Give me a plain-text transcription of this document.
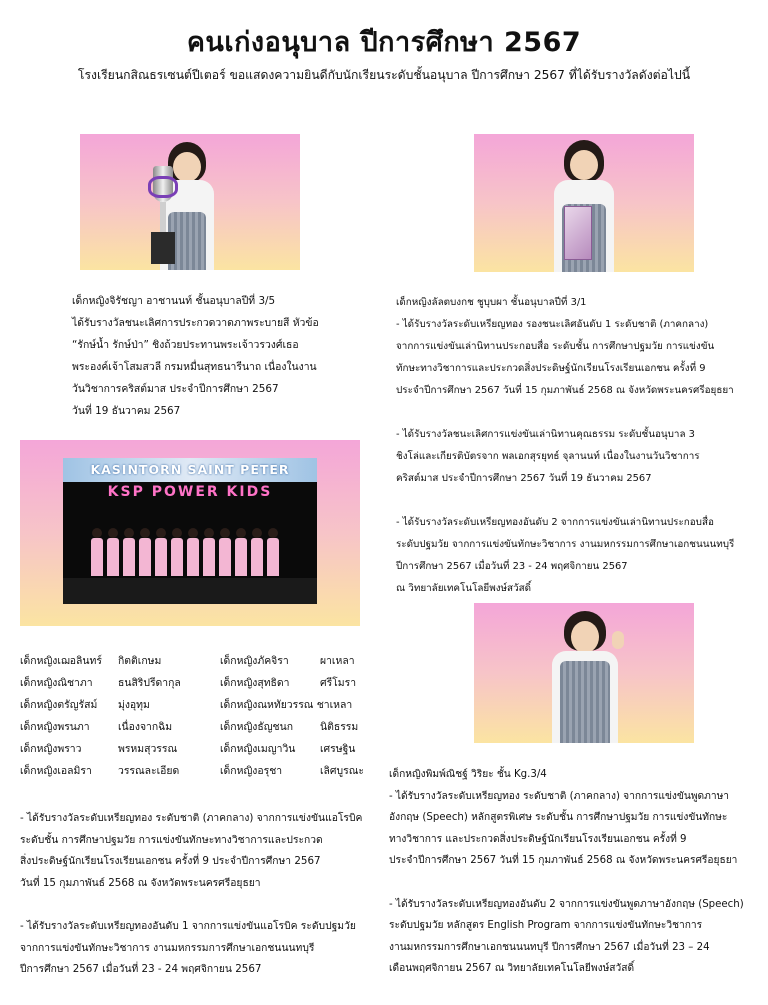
คนเก่งอนุบาล ปีการศึกษา 2567
โรงเรียนกสิณธรเซนต์ปีเตอร์ ขอแสดงความยินดีกับนักเรียนระดับชั้นอนุบาล ปีการศึกษา 2567 ที่ได้รับรางวัลดังต่อไปนี้
เด็กหญิงจิรัชญา อาชานนท์ ชั้นอนุบาลปีที่ 3/5
ได้รับรางวัลชนะเลิศการประกวดวาดภาพระบายสี หัวข้อ
“รักษ์น้ำ รักษ์ป่า” ชิงถ้วยประทานพระเจ้าวรวงศ์เธอ
พระองค์เจ้าโสมสวลี กรมหมื่นสุทธนารีนาถ เนื่องในงาน
วันวิชาการคริสต์มาส ประจำปีการศึกษา 2567
วันที่ 19 ธันวาคม 2567
เด็กหญิงลัลตบงกช ชูบุบผา ชั้นอนุบาลปีที่ 3/1
- ได้รับรางวัลระดับเหรียญทอง รองชนะเลิศอันดับ 1 ระดับชาติ (ภาคกลาง)
จากการแข่งขันเล่านิทานประกอบสื่อ ระดับชั้น การศึกษาปฐมวัย การแข่งขัน
ทักษะทางวิชาการและประกวดสิ่งประดิษฐ์นักเรียนโรงเรียนเอกชน ครั้งที่ 9
ประจำปีการศึกษา 2567 วันที่ 15 กุมภาพันธ์ 2568 ณ จังหวัดพระนครศรีอยุธยา
- ได้รับรางวัลชนะเลิศการแข่งขันเล่านิทานคุณธรรม ระดับชั้นอนุบาล 3
ชิงโล่และเกียรติบัตรจาก พลเอกสุรยุทธ์ จุลานนท์ เนื่องในงานวันวิชาการ
คริสต์มาส ประจำปีการศึกษา 2567 วันที่ 19 ธันวาคม 2567
- ได้รับรางวัลระดับเหรียญทองอันดับ 2 จากการแข่งขันเล่านิทานประกอบสื่อ
ระดับปฐมวัย จากการแข่งขันทักษะวิชาการ งานมหกรรมการศึกษาเอกชนนนทบุรี
ปีการศึกษา 2567 เมื่อวันที่ 23 - 24 พฤศจิกายน 2567
ณ วิทยาลัยเทคโนโลยีพงษ์สวัสดิ์
KASINTORN SAINT PETER
KSP POWER KIDS
เด็กหญิงเฌอลินทร์	กิตติเกษม	เด็กหญิงภัคจิรา	ผาเหลา
เด็กหญิงณิชาภา	ธนสิริปรีดากุล	เด็กหญิงสุทธิดา	ศรีโมรา
เด็กหญิงตรัญรัสม์	มุ่งอุทุม	เด็กหญิงณหทัยวรรณ ชาเหลา
เด็กหญิงพรนภา	เนื่องจากฉิม	เด็กหญิงธัญชนก	นิติธรรม
เด็กหญิงพราว	พรหมสุวรรณ	เด็กหญิงเมญาวิน	เศรษฐิน
เด็กหญิงเอลมิรา	วรรณละเอียด	เด็กหญิงอรุชา	เลิศบูรณะ
- ได้รับรางวัลระดับเหรียญทอง ระดับชาติ (ภาคกลาง) จากการแข่งขันแอโรบิค
ระดับชั้น การศึกษาปฐมวัย การแข่งขันทักษะทางวิชาการและประกวด
สิ่งประดิษฐ์นักเรียนโรงเรียนเอกชน ครั้งที่ 9 ประจำปีการศึกษา 2567
วันที่ 15 กุมภาพันธ์ 2568 ณ จังหวัดพระนครศรีอยุธยา
- ได้รับรางวัลระดับเหรียญทองอันดับ 1 จากการแข่งขันแอโรบิค ระดับปฐมวัย
จากการแข่งขันทักษะวิชาการ งานมหกรรมการศึกษาเอกชนนนทบุรี
ปีการศึกษา 2567 เมื่อวันที่ 23 - 24 พฤศจิกายน 2567
เด็กหญิงพิมพ์ณิชฐ์ วิริยะ ชั้น Kg.3/4
- ได้รับรางวัลระดับเหรียญทอง ระดับชาติ (ภาคกลาง) จากการแข่งขันพูดภาษา
อังกฤษ (Speech) หลักสูตรพิเศษ ระดับชั้น การศึกษาปฐมวัย การแข่งขันทักษะ
ทางวิชาการ และประกวดสิ่งประดิษฐ์นักเรียนโรงเรียนเอกชน ครั้งที่ 9
ประจำปีการศึกษา 2567 วันที่ 15 กุมภาพันธ์ 2568 ณ จังหวัดพระนครศรีอยุธยา
- ได้รับรางวัลระดับเหรียญทองอันดับ 2 จากการแข่งขันพูดภาษาอังกฤษ (Speech)
ระดับปฐมวัย หลักสูตร English Program จากการแข่งขันทักษะวิชาการ
งานมหกรรมการศึกษาเอกชนนนทบุรี ปีการศึกษา 2567 เมื่อวันที่ 23 – 24
เดือนพฤศจิกายน 2567 ณ วิทยาลัยเทคโนโลยีพงษ์สวัสดิ์
